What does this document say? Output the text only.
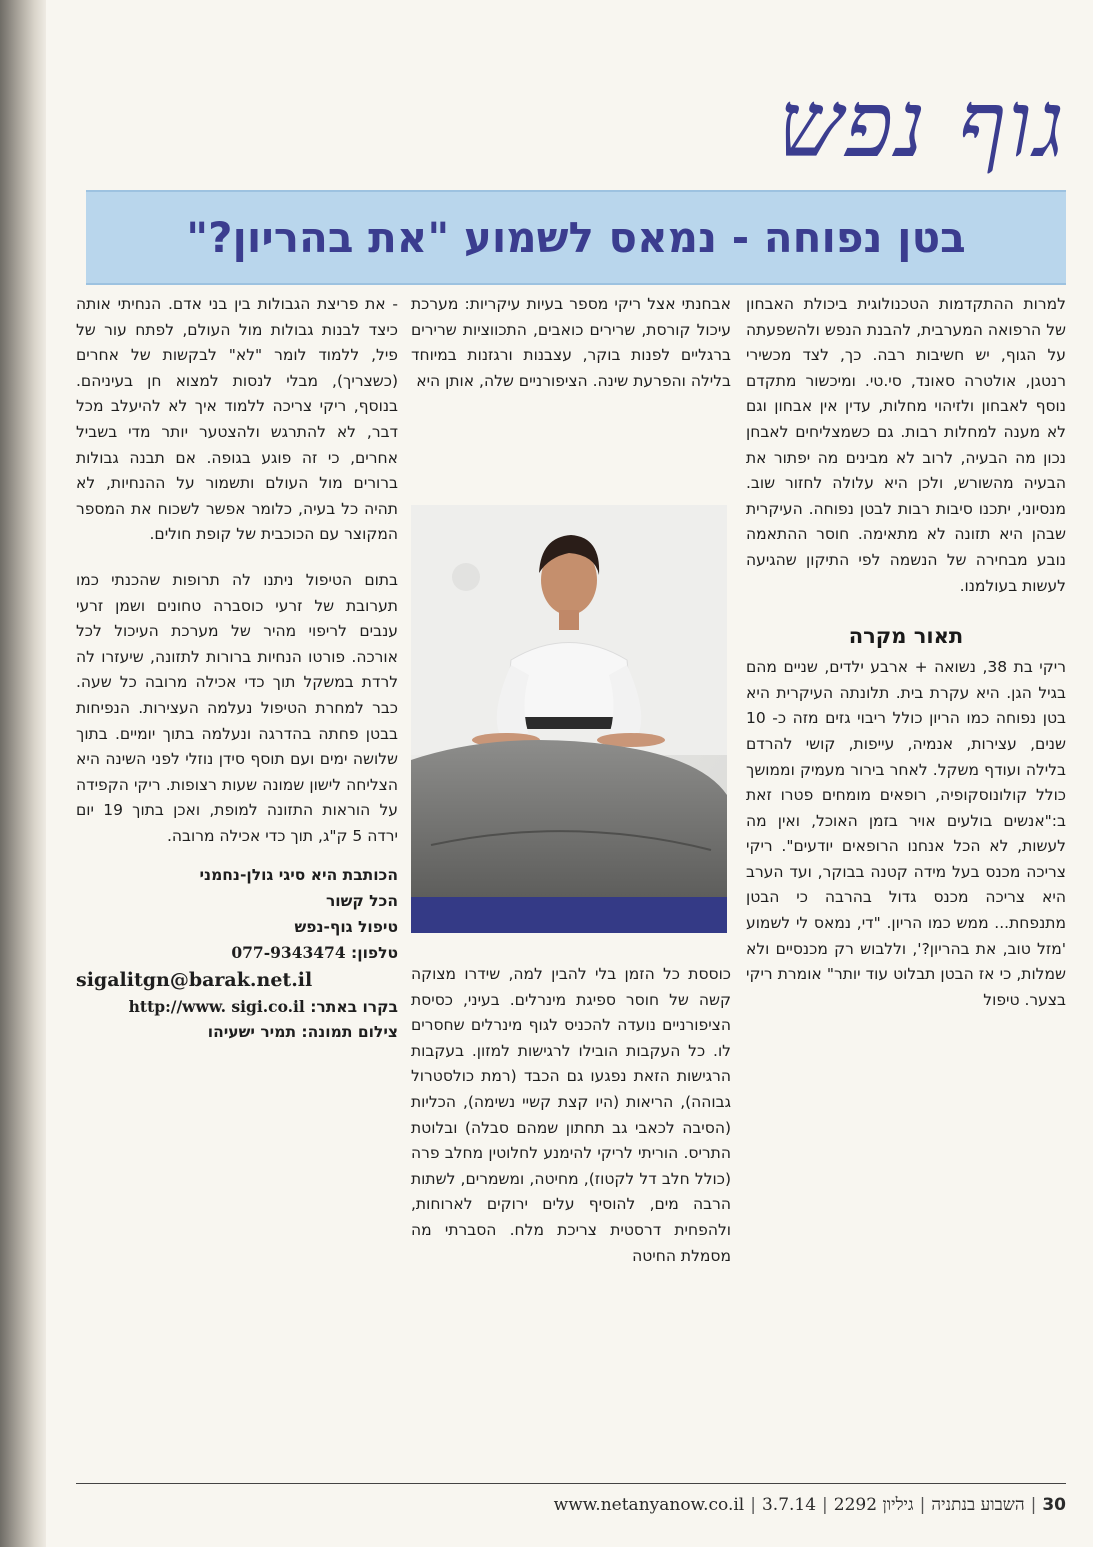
גוף נפש
בטן נפוחה - נמאס לשמוע "את בהריון?"

למרות ההתקדמות הטכנולוגית ביכולת האבחון של הרפואה המערבית, להבנת הנפש ולהשפעתה על הגוף, יש חשיבות רבה. כך, לצד מכשירי רנטגן, אולטרה סאונד, סי.טי. ומיכשור מתקדם נוסף לאבחון ולזיהוי מחלות, עדין אין אבחון וגם לא מענה למחלות רבות. גם כשמצליחים לאבחן נכון מה הבעיה, לרוב לא מבינים מה יפתור את הבעיה מהשורש, ולכן היא עלולה לחזור שוב. מנסיוני, יתכנו סיבות רבות לבטן נפוחה. העיקרית שבהן היא תזונה לא מתאימה. חוסר ההתאמה נובע מבחירה של הנשמה לפי התיקון שהגיעה לעשות בעולמנו.

תאור מקרה

ריקי בת 38, נשואה + ארבע ילדים, שניים מהם בגיל הגן. היא עקרת בית. תלונתה העיקרית היא בטן נפוחה כמו הריון כולל ריבוי גזים מזה כ- 10 שנים, עצירות, אנמיה, עייפות, קושי להרדם בלילה ועודף משקל. לאחר בירור מעמיק וממושך כולל קולונוסקופיה, רופאים מומחים פטרו זאת ב:"אנשים בולעים אויר בזמן האוכל, ואין מה לעשות, לא הכל אנחנו הרופאים יודעים". ריקי צריכה מכנס בעל מידה קטנה בבוקר, ועד הערב היא צריכה מכנס גדול בהרבה כי הבטן מתנפחת... ממש כמו הריון. "די, נמאס לי לשמוע 'מזל טוב, את בהריון?', וללבוש רק מכנסיים ולא שמלות, כי אז הבטן תבלוט עוד יותר" אומרת ריקי בצער. טיפול

אבחנתי אצל ריקי מספר בעיות עיקריות: מערכת עיכול קורסת, שרירים כואבים, התכווציות שרירים ברגליים לפנות בוקר, עצבנות ורגזנות במיוחד בלילה והפרעת שינה. הציפורניים שלה, אותן היא

כוססת כל הזמן בלי להבין למה, שידרו מצוקה קשה של חוסר ספיגת מינרלים. בעיני, כסיסת הציפורניים נועדה להכניס לגוף מינרלים שחסרים לו. כל העקבות הובילו לרגישות למזון. בעקבות הרגישות הזאת נפגעו גם הכבד (רמת כולסטרול גבוהה), הריאות (היו קצת קשיי נשימה), הכליות (הסיבה לכאבי גב תחתון שמהם סבלה) ובלוטת התריס. הוריתי לריקי להימנע לחלוטין מחלב פרה (כולל חלב דל לקטוז), מחיטה, ומשמרים, לשתות הרבה מים, להוסיף עלים ירוקים לארוחות, ולהפחית דרסטית צריכת מלח. הסברתי מה מסמלת החיטה

- את פריצת הגבולות בין בני אדם. הנחיתי אותה כיצד לבנות גבולות מול העולם, לפתח עור של פיל, ללמוד לומר "לא" לבקשות של אחרים (כשצריך), מבלי לנסות למצוא חן בעיניהם. בנוסף, ריקי צריכה ללמוד איך לא להיעלב מכל דבר, לא להתרגש ולהצטער יותר מדי בשביל אחרים, כי זה פוגע בגופה. אם תבנה גבולות ברורים מול העולם ותשמור על ההנחיות, לא תהיה כל בעיה, כלומר אפשר לשכוח את המספר המקוצר עם הכוכבית של קופת חולים.

בתום הטיפול ניתנו לה תרופות שהכנתי כמו תערובת של זרעי כוסברה טחונים ושמן זרעי ענבים לריפוי מהיר של מערכת העיכול לכל אורכה. פורטו הנחיות ברורות לתזונה, שיעזרו לה לרדת במשקל תוך כדי אכילה מרובה כל שעה. כבר למחרת הטיפול נעלמה העצירות. הנפיחות בבטן פחתה בהדרגה ונעלמה בתוך יומיים. בתוך שלושה ימים ועם תוסף סידן נוזלי לפני השינה היא הצליחה לישון שמונה שעות רצופות. ריקי הקפידה על הוראות התזונה למופת, ואכן בתוך 19 יום ירדה 5 ק"ג, תוך כדי אכילה מרובה.

הכותבת היא סיגי גולן-נחמני
הכל קשור
טיפול גוף-נפש
טלפון: 077-9343474
sigalitgn@barak.net.il
בקרו באתר: http://www. sigi.co.il
צילום תמונה: תמיר ישעיהו
30|השבוע בנתניה|גיליון 2292|3.7.14|www.netanyanow.co.il
